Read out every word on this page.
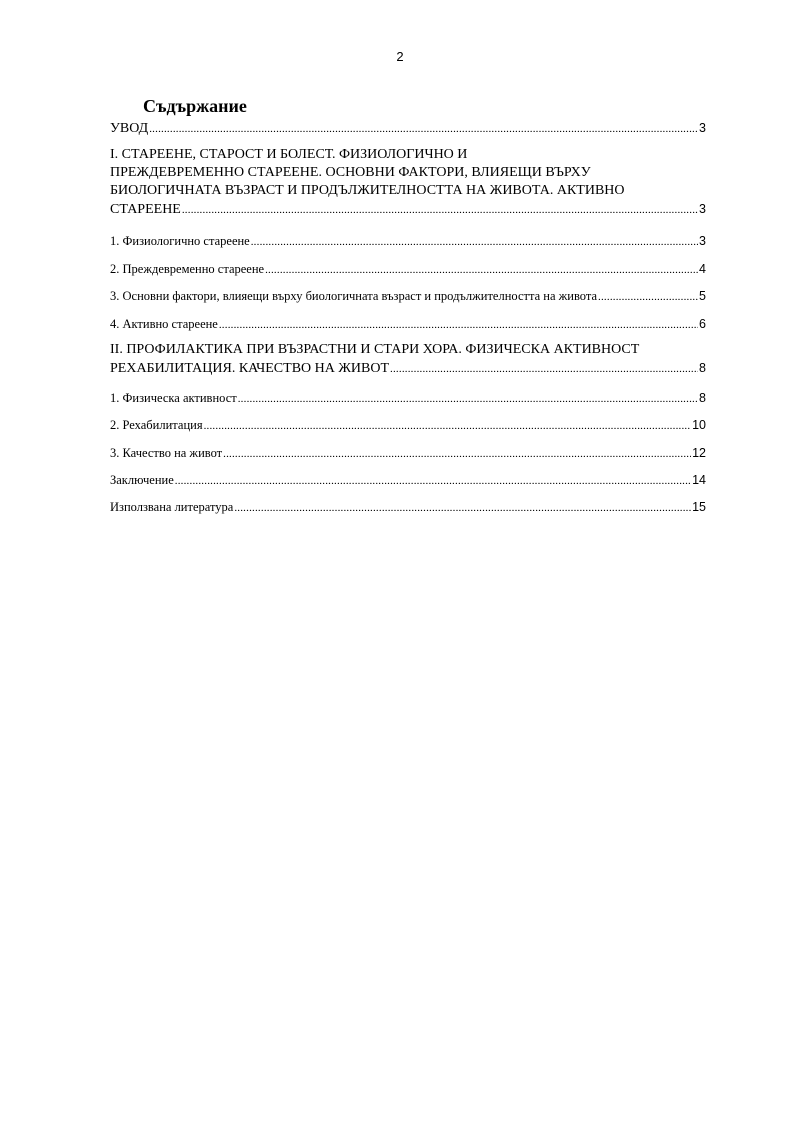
2
Съдържание
УВОД .....	3
I. СТАРЕЕНЕ, СТАРОСТ И БОЛЕСТ. ФИЗИОЛОГИЧНО И
ПРЕЖДЕВРЕМЕННО СТАРЕЕНЕ. ОСНОВНИ ФАКТОРИ, ВЛИЯЕЩИ ВЪРХУ
БИОЛОГИЧНАТА ВЪЗРАСТ И ПРОДЪЛЖИТЕЛНОСТТА НА ЖИВОТА. АКТИВНО
СТАРЕЕНЕ .....	3
1. Физиологично стареене .....	3
2. Преждевременно стареене .....	4
3. Основни фактори, влияещи върху биологичната възраст и продължителността на живота .....	5
4. Активно стареене .....	6
II. ПРОФИЛАКТИКА ПРИ ВЪЗРАСТНИ И СТАРИ ХОРА. ФИЗИЧЕСКА АКТИВНОСТ
РЕХАБИЛИТАЦИЯ. КАЧЕСТВО НА ЖИВОТ .....	8
1. Физическа активност .....	8
2. Рехабилитация .....	10
3. Качество на живот .....	12
Заключение .....	14
Използвана литература .....	15
